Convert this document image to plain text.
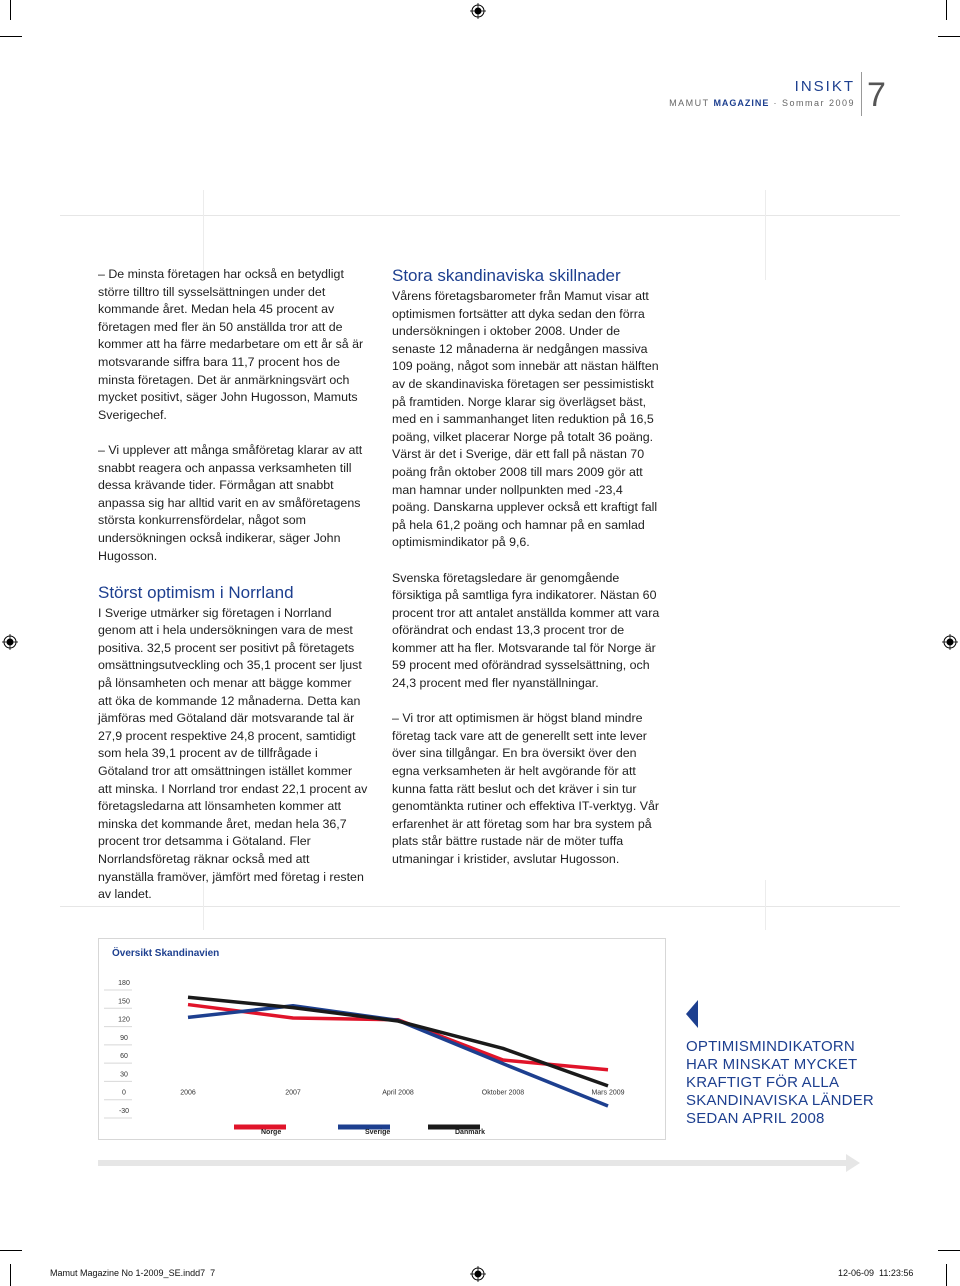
INSIKT
MAMUT MAGAZINE · Sommar 2009 7

– De minsta företagen har också en betydligt större tilltro till sysselsättningen under det kommande året. Medan hela 45 procent av företagen med fler än 50 anställda tror att de kommer att ha färre medarbetare om ett år så är motsvarande siffra bara 11,7 procent hos de minsta företagen. Det är anmärkningsvärt och mycket positivt, säger John Hugosson, Mamuts Sverigechef.

– Vi upplever att många småföretag klarar av att snabbt reagera och anpassa verksamheten till dessa krävande tider. Förmågan att snabbt anpassa sig har alltid varit en av småföretagens största konkurrensfördelar, något som undersökningen också indikerar, säger John Hugosson.

Störst optimism i Norrland

I Sverige utmärker sig företagen i Norrland genom att i hela undersökningen vara de mest positiva. 32,5 procent ser positivt på företagets omsättningsutveckling och 35,1 procent ser ljust på lönsamheten och menar att bägge kommer att öka de kommande 12 månaderna. Detta kan jämföras med Götaland där motsvarande tal är 27,9 procent respektive 24,8 procent, samtidigt som hela 39,1 procent av de tillfrågade i Götaland tror att omsättningen istället kommer att minska. I Norrland tror endast 22,1 procent av företagsledarna att lönsamheten kommer att minska det kommande året, medan hela 36,7 procent tror detsamma i Götaland. Fler Norrlandsföretag räknar också med att nyanställa framöver, jämfört med företag i resten av landet.

Stora skandinaviska skillnader

Vårens företagsbarometer från Mamut visar att optimismen fortsätter att dyka sedan den förra undersökningen i oktober 2008. Under de senaste 12 månaderna är nedgången massiva 109 poäng, något som innebär att nästan hälften av de skandinaviska företagen ser pessimistiskt på framtiden. Norge klarar sig överlägset bäst, med en i sammanhanget liten reduktion på 16,5 poäng, vilket placerar Norge på totalt 36 poäng. Värst är det i Sverige, där ett fall på nästan 70 poäng från oktober 2008 till mars 2009 gör att man hamnar under nollpunkten med -23,4 poäng. Danskarna upplever också ett kraftigt fall på hela 61,2 poäng och hamnar på en samlad optimismindikator på 9,6.

Svenska företagsledare är genomgående försiktiga på samtliga fyra indikatorer. Nästan 60 procent tror att antalet anställda kommer att vara oförändrat och endast 13,3 procent tror de kommer att ha fler. Motsvarande tal för Norge är 59 procent med oförändrad sysselsättning, och 24,3 procent med fler nyanställningar.

– Vi tror att optimismen är högst bland mindre företag tack vare att de generellt sett inte lever över sina tillgångar. En bra översikt över den egna verksamheten är helt avgörande för att kunna fatta rätt beslut och det kräver i sin tur genomtänkta rutiner och effektiva IT-verktyg. Vår erfarenhet är att företag som har bra system på plats står bättre rustade när de möter tuffa utmaningar i kristider, avslutar Hugosson.

Översikt Skandinavien
180
150
120
90
60
30
0
-30
2006	2007	April 2008	Oktober 2008	Mars 2009
Norge	Sverige	Danmark
OPTIMISMINDIKATORN
HAR MINSKAT MYCKET
KRAFTIGT FÖR ALLA
SKANDINAVISKA LÄNDER
SEDAN APRIL 2008
Mamut Magazine No 1-2009_SE.indd7 7	12-06-09 11:23:56
